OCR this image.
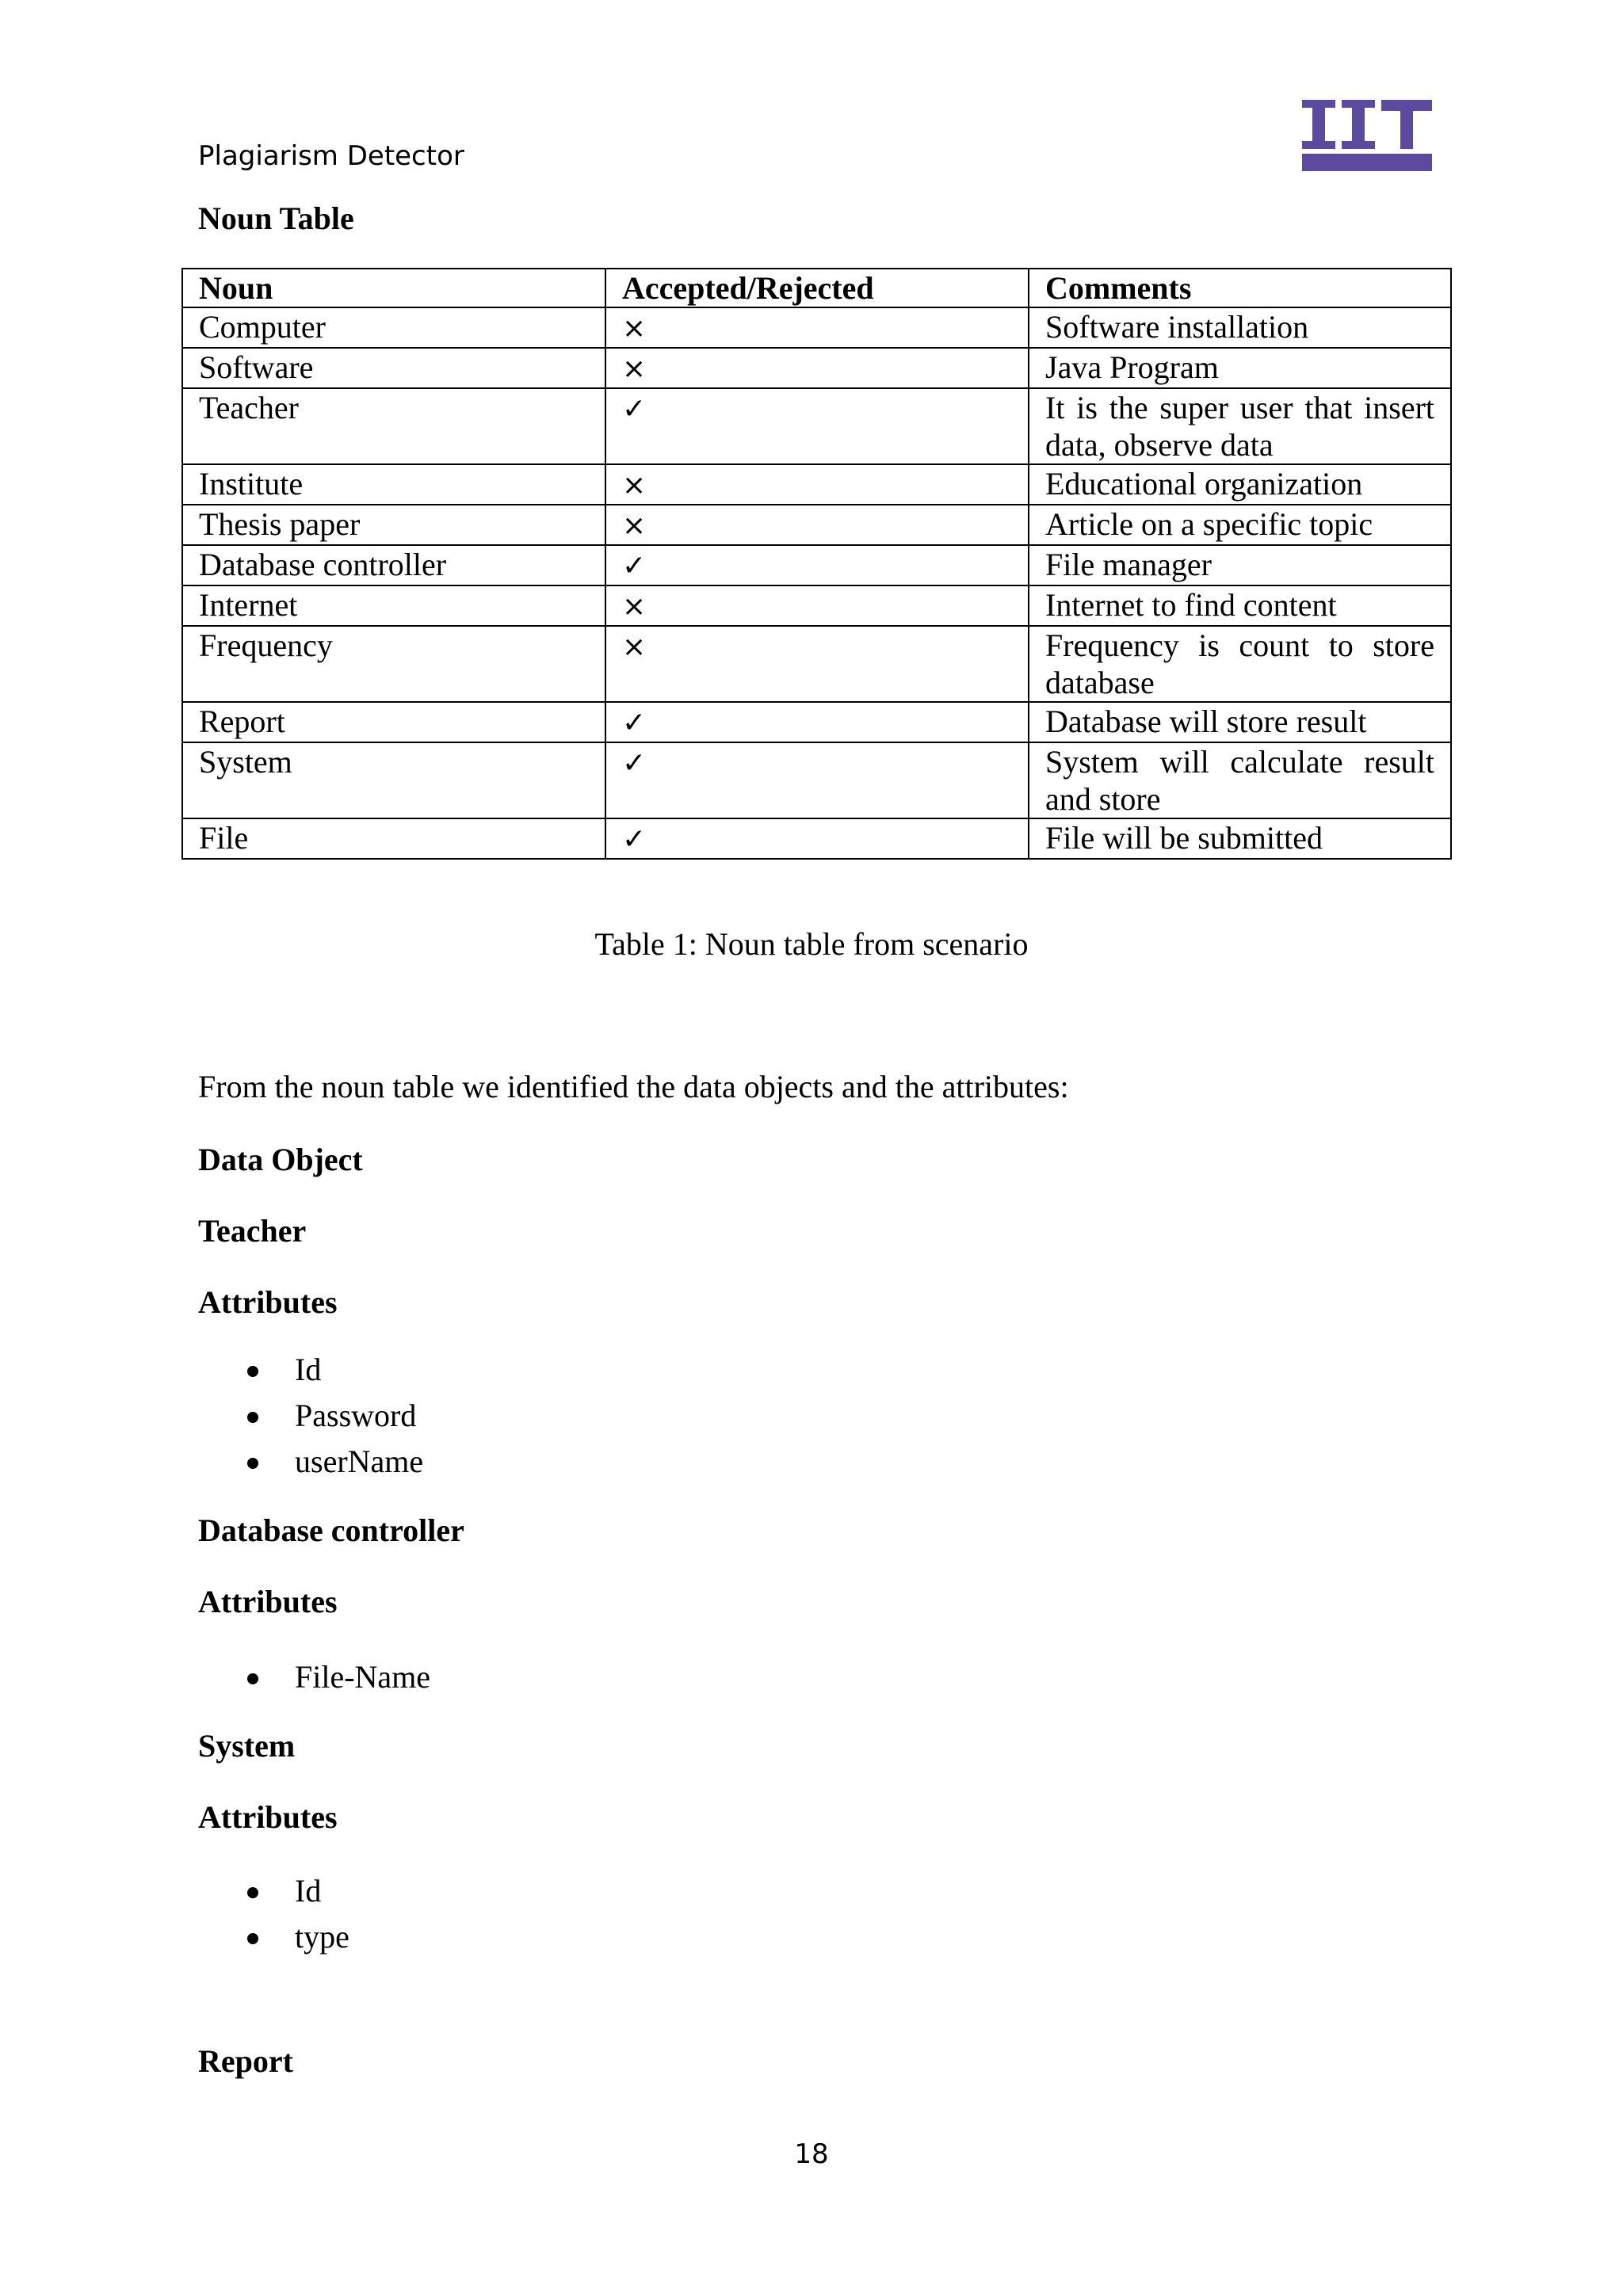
Plagiarism Detector
Noun Table
Noun	Accepted/Rejected	Comments
Computer	×	Software installation
Software	×	Java Program
Teacher	✓	It is the super user that insert data, observe data
Institute	×	Educational organization
Thesis paper	×	Article on a specific topic
Database controller	✓	File manager
Internet	×	Internet to find content
Frequency	×	Frequency is count to store database
Report	✓	Database will store result
System	✓	System will calculate result and store
File	✓	File will be submitted
Table 1: Noun table from scenario
From the noun table we identified the data objects and the attributes:
Data Object
Teacher
Attributes
Id
Password
userName
Database controller
Attributes
File-Name
System
Attributes
Id
type
Report
18
